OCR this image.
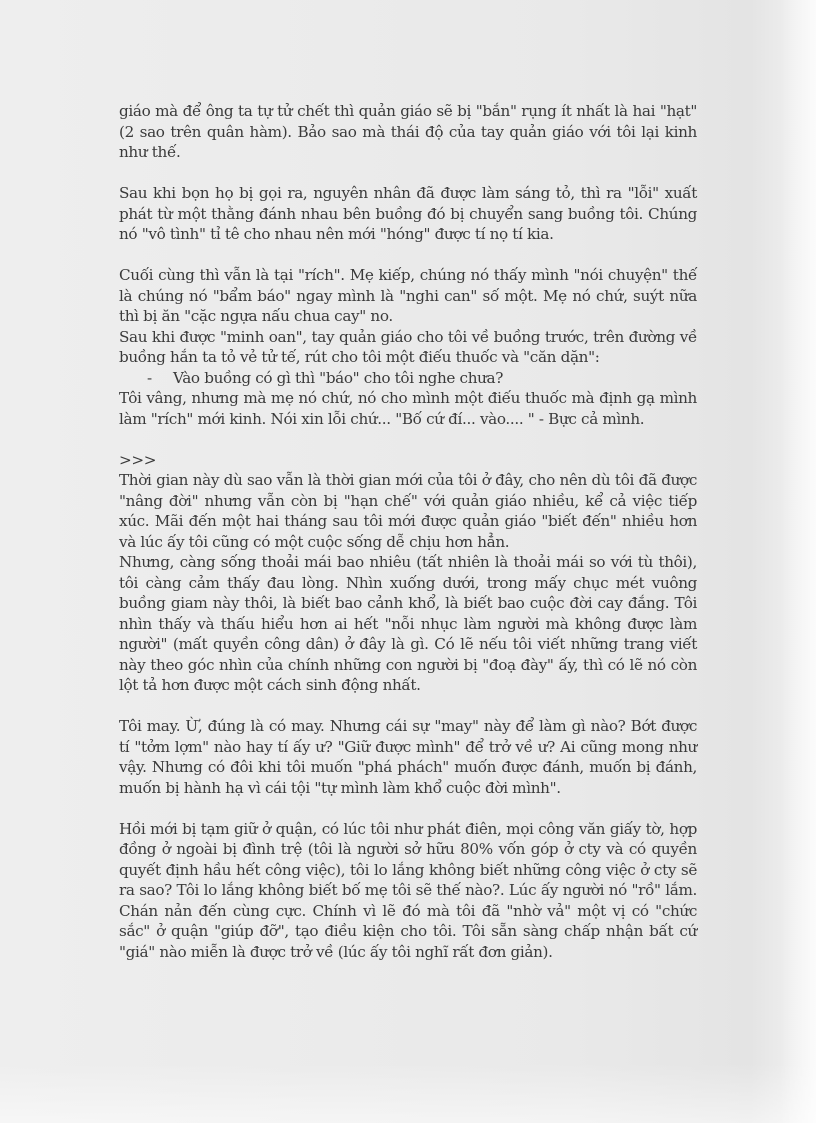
giáo mà để ông ta tự tử chết thì quản giáo sẽ bị "bắn" rụng ít nhất là hai "hạt" (2 sao trên quân hàm). Bảo sao mà thái độ của tay quản giáo với tôi lại kinh như thế.

Sau khi bọn họ bị gọi ra, nguyên nhân đã được làm sáng tỏ, thì ra "lỗi" xuất phát từ một thằng đánh nhau bên buồng đó bị chuyển sang buồng tôi. Chúng nó "vô tình" tỉ tê cho nhau nên mới "hóng" được tí nọ tí kia.

Cuối cùng thì vẫn là tại "rích". Mẹ kiếp, chúng nó thấy mình "nói chuyện" thế là chúng nó "bẩm báo" ngay mình là "nghi can" số một. Mẹ nó chứ, suýt nữa thì bị ăn "cặc ngựa nấu chua cay" no.

Sau khi được "minh oan", tay quản giáo cho tôi về buồng trước, trên đường về buồng hắn ta tỏ vẻ tử tế, rút cho tôi một điếu thuốc và "căn dặn":

- Vào buồng có gì thì "báo" cho tôi nghe chưa?

Tôi vâng, nhưng mà mẹ nó chứ, nó cho mình một điếu thuốc mà định gạ mình làm "rích" mới kinh. Nói xin lỗi chứ... "Bố cứ đí... vào.... " - Bực cả mình.

>>>

Thời gian này dù sao vẫn là thời gian mới của tôi ở đây, cho nên dù tôi đã được "nâng đời" nhưng vẫn còn bị "hạn chế" với quản giáo nhiều, kể cả việc tiếp xúc. Mãi đến một hai tháng sau tôi mới được quản giáo "biết đến" nhiều hơn và lúc ấy tôi cũng có một cuộc sống dễ chịu hơn hẳn.

Nhưng, càng sống thoải mái bao nhiêu (tất nhiên là thoải mái so với tù thôi), tôi càng cảm thấy đau lòng. Nhìn xuống dưới, trong mấy chục mét vuông buồng giam này thôi, là biết bao cảnh khổ, là biết bao cuộc đời cay đắng. Tôi nhìn thấy và thấu hiểu hơn ai hết "nỗi nhục làm người mà không được làm người" (mất quyền công dân) ở đây là gì. Có lẽ nếu tôi viết những trang viết này theo góc nhìn của chính những con người bị "đoạ đày" ấy, thì có lẽ nó còn lột tả hơn được một cách sinh động nhất.

Tôi may. Ừ, đúng là có may. Nhưng cái sự "may" này để làm gì nào? Bớt được tí "tởm lợm" nào hay tí ấy ư? "Giữ được mình" để trở về ư? Ai cũng mong như vậy. Nhưng có đôi khi tôi muốn "phá phách" muốn được đánh, muốn bị đánh, muốn bị hành hạ vì cái tội "tự mình làm khổ cuộc đời mình".

Hồi mới bị tạm giữ ở quận, có lúc tôi như phát điên, mọi công văn giấy tờ, hợp đồng ở ngoài bị đình trệ (tôi là người sở hữu 80% vốn góp ở cty và có quyền quyết định hầu hết công việc), tôi lo lắng không biết những công việc ở cty sẽ ra sao? Tôi lo lắng không biết bố mẹ tôi sẽ thế nào?. Lúc ấy người nó "rồ" lắm. Chán nản đến cùng cực. Chính vì lẽ đó mà tôi đã "nhờ vả" một vị có "chức sắc" ở quận "giúp đỡ", tạo điều kiện cho tôi. Tôi sẵn sàng chấp nhận bất cứ "giá" nào miễn là được trở về (lúc ấy tôi nghĩ rất đơn giản).
